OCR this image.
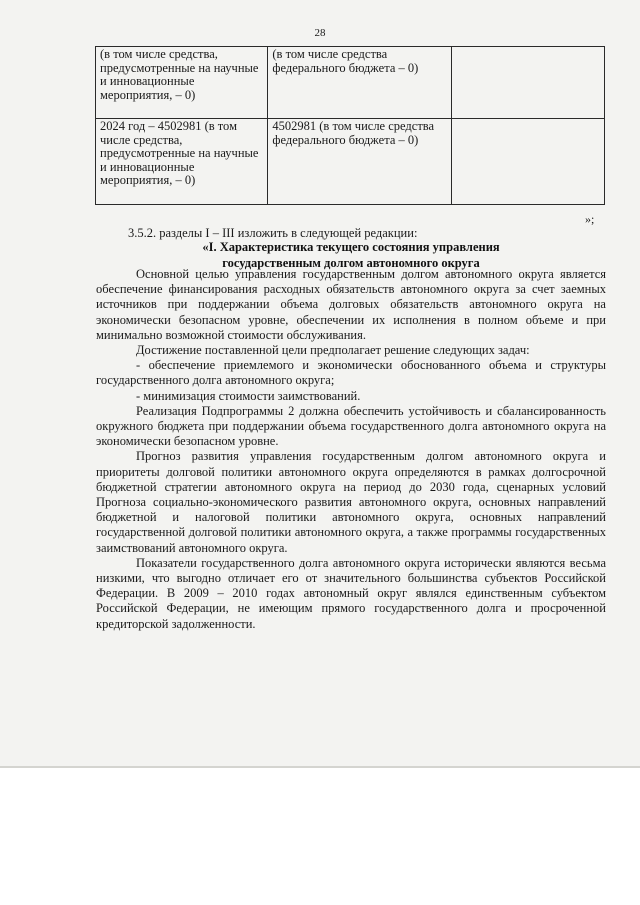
28
(в том числе средства, предусмотренные на научные и инновационные мероприятия, – 0)	(в том числе средства федерального бюджета – 0)	
2024 год – 4502981 (в том числе средства, предусмотренные на научные и инновационные мероприятия, – 0)	4502981 (в том числе средства федерального бюджета – 0)	
»;
3.5.2. разделы I – III изложить в следующей редакции:
«I. Характеристика текущего состояния управления
государственным долгом автономного округа

Основной целью управления государственным долгом автономного округа является обеспечение финансирования расходных обязательств автономного округа за счет заемных источников при поддержании объема долговых обязательств автономного округа на экономически безопасном уровне, обеспечении их исполнения в полном объеме и при минимально возможной стоимости обслуживания.

Достижение поставленной цели предполагает решение следующих задач:

- обеспечение приемлемого и экономически обоснованного объема и структуры государственного долга автономного округа;

- минимизация стоимости заимствований.

Реализация Подпрограммы 2 должна обеспечить устойчивость и сбалансированность окружного бюджета при поддержании объема государственного долга автономного округа на экономически безопасном уровне.

Прогноз развития управления государственным долгом автономного округа и приоритеты долговой политики автономного округа определяются в рамках долгосрочной бюджетной стратегии автономного округа на период до 2030 года, сценарных условий Прогноза социально-экономического развития автономного округа, основных направлений бюджетной и налоговой политики автономного округа, основных направлений государственной долговой политики автономного округа, а также программы государственных заимствований автономного округа.

Показатели государственного долга автономного округа исторически являются весьма низкими, что выгодно отличает его от значительного большинства субъектов Российской Федерации. В 2009 – 2010 годах автономный округ являлся единственным субъектом Российской Федерации, не имеющим прямого государственного долга и просроченной кредиторской задолженности.
